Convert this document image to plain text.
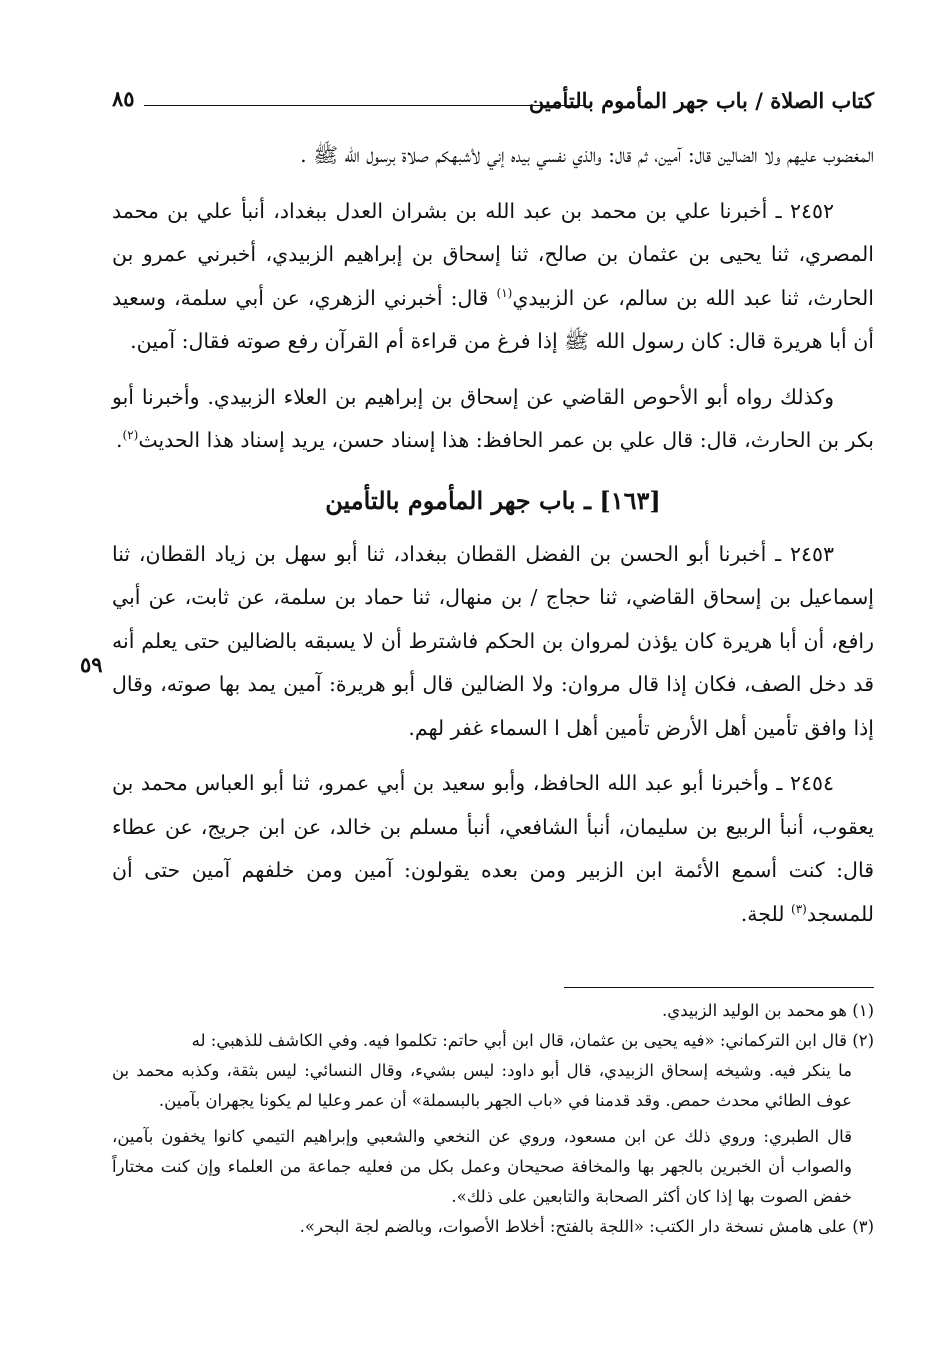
كتاب الصلاة / باب جهر المأموم بالتأمين
٨٥

المغضوب عليهم ولا الضالين قال: آمين، ثم قال: والذي نفسي بيده إني لأشبهكم صلاة برسول الله ﷺ .

٢٤٥٢ ـ أخبرنا علي بن محمد بن عبد الله بن بشران العدل ببغداد، أنبأ علي بن محمد المصري، ثنا يحيى بن عثمان بن صالح، ثنا إسحاق بن إبراهيم الزبيدي، أخبرني عمرو بن الحارث، ثنا عبد الله بن سالم، عن الزبيدي$^{(١)}$ قال: أخبرني الزهري، عن أبي سلمة، وسعيد أن أبا هريرة قال: كان رسول الله ﷺ إذا فرغ من قراءة أم القرآن رفع صوته فقال: آمين.

وكذلك رواه أبو الأحوص القاضي عن إسحاق بن إبراهيم بن العلاء الزبيدي. وأخبرنا أبو بكر بن الحارث، قال: قال علي بن عمر الحافظ: هذا إسناد حسن، يريد إسناد هذا الحديث$^{(٢)}$.

[١٦٣] ـ باب جهر المأموم بالتأمين

٢٤٥٣ ـ أخبرنا أبو الحسن بن الفضل القطان ببغداد، ثنا أبو سهل بن زياد القطان، ثنا إسماعيل بن إسحاق القاضي، ثنا حجاج / بن منهال، ثنا حماد بن سلمة، عن ثابت، عن أبي رافع، أن أبا هريرة كان يؤذن لمروان بن الحكم فاشترط أن لا يسبقه بالضالين حتى يعلم أنه قد دخل الصف، فكان إذا قال مروان: ولا الضالين قال أبو هريرة: آمين يمد بها صوته، وقال إذا وافق تأمين أهل الأرض تأمين أهل ا السماء غفر لهم.

٢٤٥٤ ـ وأخبرنا أبو عبد الله الحافظ، وأبو سعيد بن أبي عمرو، ثنا أبو العباس محمد بن يعقوب، أنبأ الربيع بن سليمان، أنبأ الشافعي، أنبأ مسلم بن خالد، عن ابن جريج، عن عطاء قال: كنت أسمع الأئمة ابن الزبير ومن بعده يقولون: آمين ومن خلفهم آمين حتى أن للمسجد$^{(٣)}$ للجة.

٥٩

(١) هو محمد بن الوليد الزبيدي.

(٢) قال ابن التركماني: «فيه يحيى بن عثمان، قال ابن أبي حاتم: تكلموا فيه. وفي الكاشف للذهبي: له

ما ينكر فيه. وشيخه إسحاق الزبيدي، قال أبو داود: ليس بشيء، وقال النسائي: ليس بثقة، وكذبه محمد بن عوف الطائي محدث حمص. وقد قدمنا في «باب الجهر بالبسملة» أن عمر وعليا لم يكونا يجهران بآمين.

قال الطبري: وروي ذلك عن ابن مسعود، وروي عن النخعي والشعبي وإبراهيم التيمي كانوا يخفون بآمين، والصواب أن الخبرين بالجهر بها والمخافة صحيحان وعمل بكل من فعليه جماعة من العلماء وإن كنت مختاراً خفض الصوت بها إذا كان أكثر الصحابة والتابعين على ذلك».

(٣) على هامش نسخة دار الكتب: «اللجة بالفتح: أخلاط الأصوات، وبالضم لجة البحر».
